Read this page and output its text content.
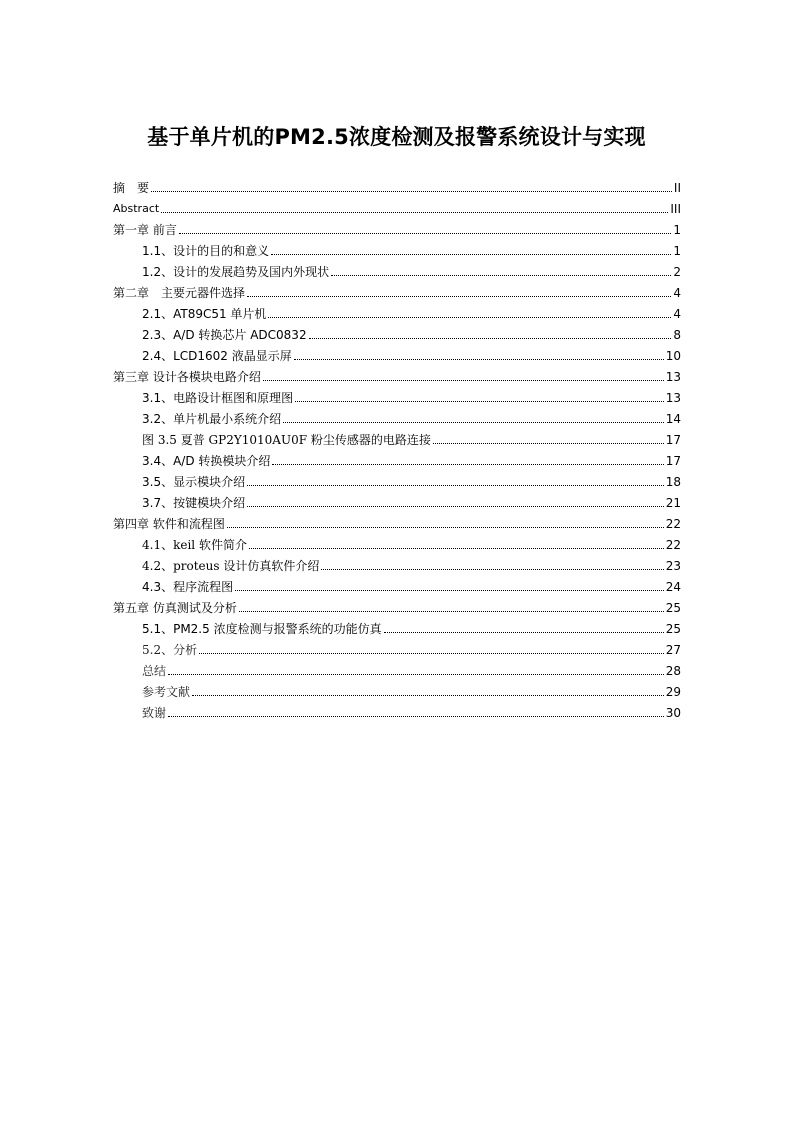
基于单片机的PM2.5浓度检测及报警系统设计与实现
摘　要	II
Abstract	III
第一章 前言	1
1.1、设计的目的和意义	1
1.2、设计的发展趋势及国内外现状	2
第二章　主要元器件选择	4
2.1、AT89C51 单片机	4
2.3、A/D 转换芯片 ADC0832	8
2.4、LCD1602 液晶显示屏	10
第三章 设计各模块电路介绍	13
3.1、电路设计框图和原理图	13
3.2、单片机最小系统介绍	14
图 3.5 夏普 GP2Y1010AU0F 粉尘传感器的电路连接	17
3.4、A/D 转换模块介绍	17
3.5、显示模块介绍	18
3.7、按键模块介绍	21
第四章 软件和流程图	22
4.1、keil 软件简介	22
4.2、proteus 设计仿真软件介绍	23
4.3、程序流程图	24
第五章 仿真测试及分析	25
5.1、PM2.5 浓度检测与报警系统的功能仿真	25
5.2、分析	27
总结	28
参考文献	29
致谢	30
